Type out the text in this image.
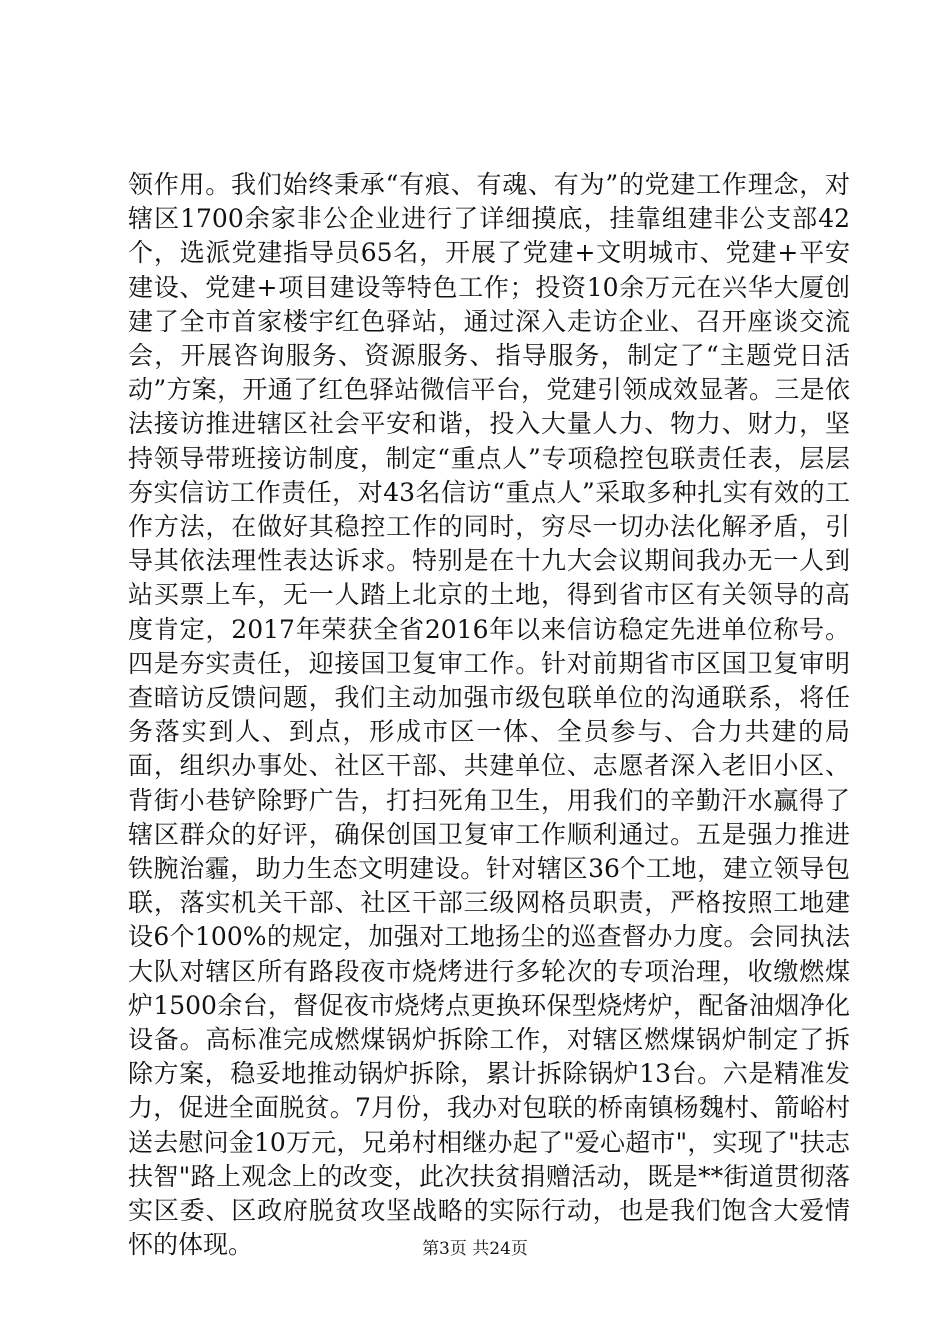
领作用。我们始终秉承“有痕、有魂、有为”的党建工作理念，对辖区1700余家非公企业进行了详细摸底，挂靠组建非公支部42个，选派党建指导员65名，开展了党建+文明城市、党建+平安建设、党建+项目建设等特色工作；投资10余万元在兴华大厦创建了全市首家楼宇红色驿站，通过深入走访企业、召开座谈交流会，开展咨询服务、资源服务、指导服务，制定了“主题党日活动”方案，开通了红色驿站微信平台，党建引领成效显著。三是依法接访推进辖区社会平安和谐，投入大量人力、物力、财力，坚持领导带班接访制度，制定“重点人”专项稳控包联责任表，层层夯实信访工作责任，对43名信访“重点人”采取多种扎实有效的工作方法，在做好其稳控工作的同时，穷尽一切办法化解矛盾，引导其依法理性表达诉求。特别是在十九大会议期间我办无一人到站买票上车，无一人踏上北京的土地，得到省市区有关领导的高度肯定，2017年荣获全省2016年以来信访稳定先进单位称号。四是夯实责任，迎接国卫复审工作。针对前期省市区国卫复审明查暗访反馈问题，我们主动加强市级包联单位的沟通联系，将任务落实到人、到点，形成市区一体、全员参与、合力共建的局面，组织办事处、社区干部、共建单位、志愿者深入老旧小区、背街小巷铲除野广告，打扫死角卫生，用我们的辛勤汗水赢得了辖区群众的好评，确保创国卫复审工作顺利通过。五是强力推进铁腕治霾，助力生态文明建设。针对辖区36个工地，建立领导包联，落实机关干部、社区干部三级网格员职责，严格按照工地建设6个100%的规定，加强对工地扬尘的巡查督办力度。会同执法大队对辖区所有路段夜市烧烤进行多轮次的专项治理，收缴燃煤炉1500余台，督促夜市烧烤点更换环保型烧烤炉，配备油烟净化设备。高标准完成燃煤锅炉拆除工作，对辖区燃煤锅炉制定了拆除方案，稳妥地推动锅炉拆除，累计拆除锅炉13台。六是精准发力，促进全面脱贫。7月份，我办对包联的桥南镇杨魏村、箭峪村送去慰问金10万元，兄弟村相继办起了"爱心超市"，实现了"扶志扶智"路上观念上的改变，此次扶贫捐赠活动，既是**街道贯彻落实区委、区政府脱贫攻坚战略的实际行动，也是我们饱含大爱情怀的体现。	第3页 共24页
